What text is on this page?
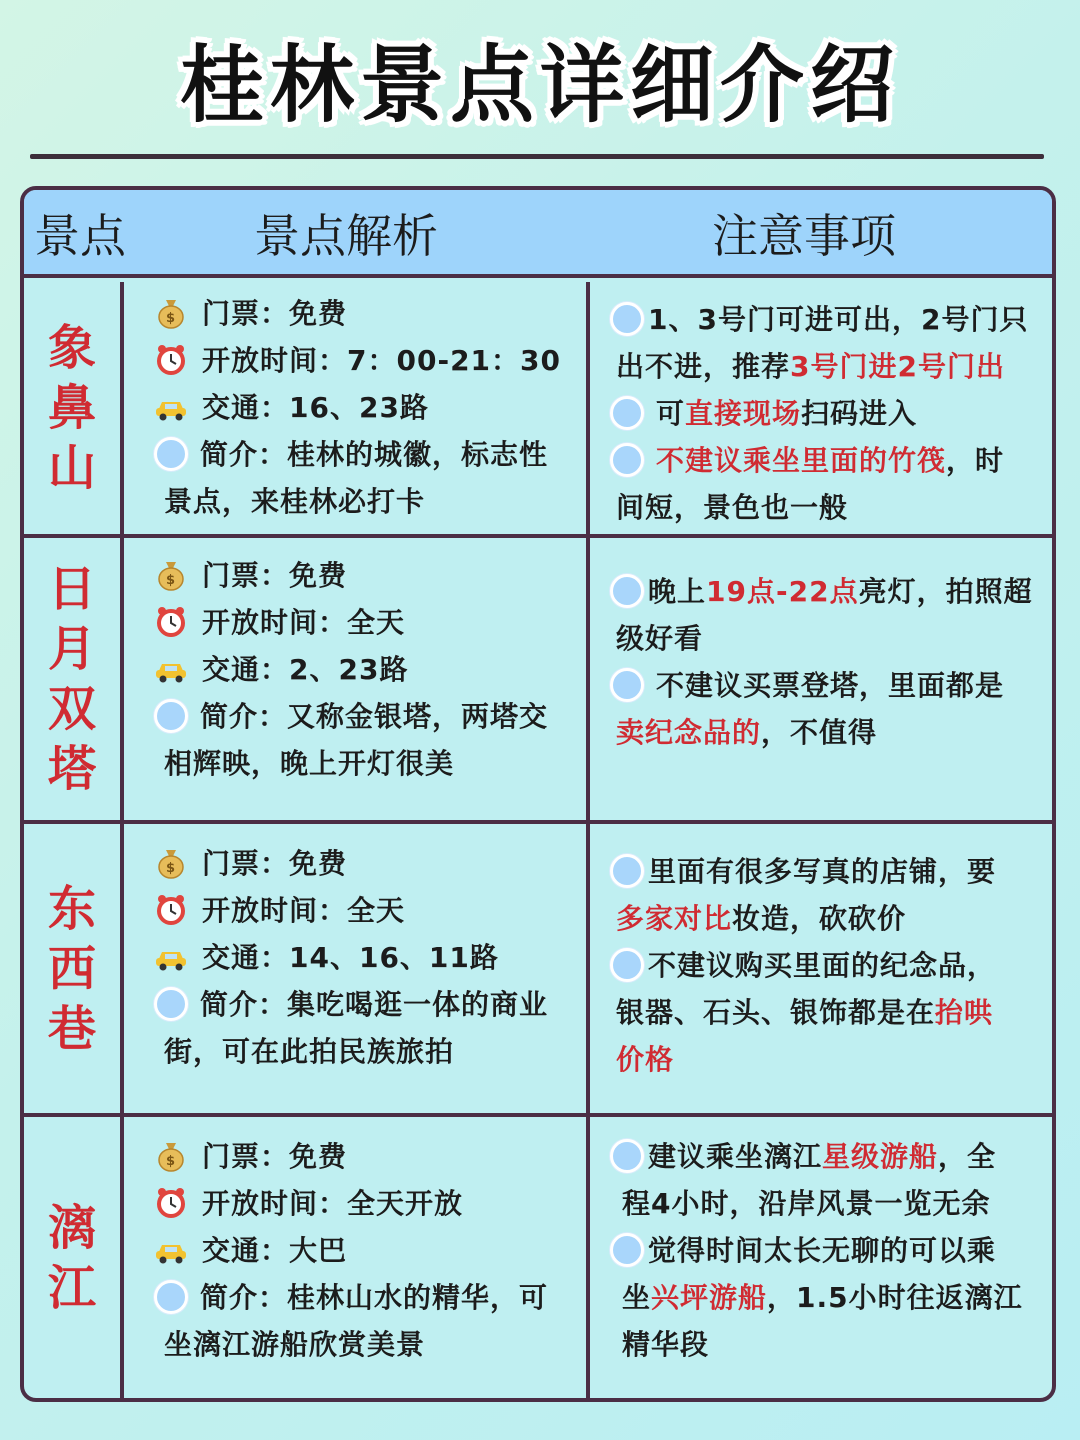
桂林景点详细介绍
景点	景点解析	注意事项
象
鼻
山
$ 门票：免费
开放时间：7：00-21：30
交通：16、23路
简介：桂林的城徽，标志性
景点，来桂林必打卡
1、3号门可进可出，2号门只
出不进，推荐3号门进2号门出
可直接现场扫码进入
不建议乘坐里面的竹筏，时
间短，景色也一般
日
月
双
塔
$ 门票：免费
开放时间：全天
交通：2、23路
简介：又称金银塔，两塔交
相辉映，晚上开灯很美
晚上19点-22点亮灯，拍照超
级好看
不建议买票登塔，里面都是
卖纪念品的，不值得
东
西
巷
$ 门票：免费
开放时间：全天
交通：14、16、11路
简介：集吃喝逛一体的商业
街，可在此拍民族旅拍
里面有很多写真的店铺，要
多家对比妆造，砍砍价
不建议购买里面的纪念品，
银器、石头、银饰都是在抬哄
价格
漓
江
$ 门票：免费
开放时间：全天开放
交通：大巴
简介：桂林山水的精华，可
坐漓江游船欣赏美景
建议乘坐漓江星级游船，全
程4小时，沿岸风景一览无余
觉得时间太长无聊的可以乘
坐兴坪游船，1.5小时往返漓江
精华段
